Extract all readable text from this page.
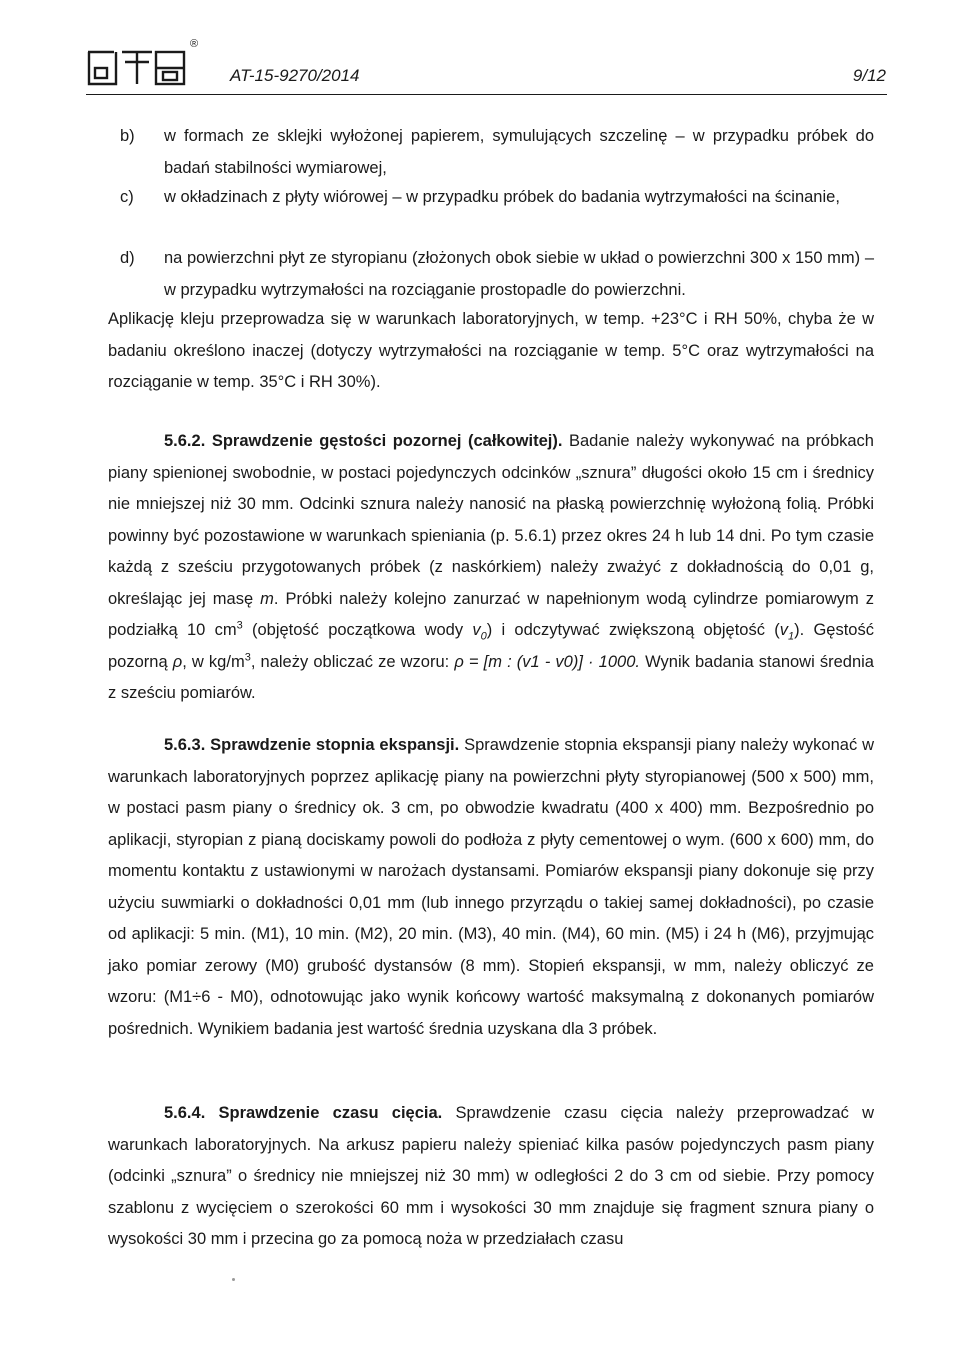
®
AT-15-9270/2014	9/12
b) w formach ze sklejki wyłożonej papierem, symulujących szczelinę – w przypadku próbek do badań stabilności wymiarowej,
c) w okładzinach z płyty wiórowej – w przypadku próbek do badania wytrzymałości na ścinanie,
d) na powierzchni płyt ze styropianu (złożonych obok siebie w układ o powierzchni 300 x 150 mm) – w przypadku wytrzymałości na rozciąganie prostopadle do powierzchni.
Aplikację kleju przeprowadza się w warunkach laboratoryjnych, w temp. +23°C i RH 50%, chyba że w badaniu określono inaczej (dotyczy wytrzymałości na rozciąganie w temp. 5°C oraz wytrzymałości na rozciąganie w temp. 35°C i RH 30%).
5.6.2. Sprawdzenie gęstości pozornej (całkowitej). Badanie należy wykonywać na próbkach piany spienionej swobodnie, w postaci pojedynczych odcinków „sznura” długości około 15 cm i średnicy nie mniejszej niż 30 mm. Odcinki sznura należy nanosić na płaską powierzchnię wyłożoną folią. Próbki powinny być pozostawione w warunkach spieniania (p. 5.6.1) przez okres 24 h lub 14 dni. Po tym czasie każdą z sześciu przygotowanych próbek (z naskórkiem) należy zważyć z dokładnością do 0,01 g, określając jej masę m. Próbki należy kolejno zanurzać w napełnionym wodą cylindrze pomiarowym z podziałką 10 $cm^3$ (objętość początkowa wody $v_0$) i odczytywać zwiększoną objętość $(v_1)$. Gęstość pozorną ρ, w $kg/m^3$, należy obliczać ze wzoru: ρ = [m : (v1 - v0)] · 1000. Wynik badania stanowi średnia z sześciu pomiarów.
5.6.3. Sprawdzenie stopnia ekspansji. Sprawdzenie stopnia ekspansji piany należy wykonać w warunkach laboratoryjnych poprzez aplikację piany na powierzchni płyty styropianowej (500 x 500) mm, w postaci pasm piany o średnicy ok. 3 cm, po obwodzie kwadratu (400 x 400) mm. Bezpośrednio po aplikacji, styropian z pianą dociskamy powoli do podłoża z płyty cementowej o wym. (600 x 600) mm, do momentu kontaktu z ustawionymi w narożach dystansami. Pomiarów ekspansji piany dokonuje się przy użyciu suwmiarki o dokładności 0,01 mm (lub innego przyrządu o takiej samej dokładności), po czasie od aplikacji: 5 min. (M1), 10 min. (M2), 20 min. (M3), 40 min. (M4), 60 min. (M5) i 24 h (M6), przyjmując jako pomiar zerowy (M0) grubość dystansów (8 mm). Stopień ekspansji, w mm, należy obliczyć ze wzoru: (M1÷6 - M0), odnotowując jako wynik końcowy wartość maksymalną z dokonanych pomiarów pośrednich. Wynikiem badania jest wartość średnia uzyskana dla 3 próbek.
5.6.4. Sprawdzenie czasu cięcia. Sprawdzenie czasu cięcia należy przeprowadzać w warunkach laboratoryjnych. Na arkusz papieru należy spieniać kilka pasów pojedynczych pasm piany (odcinki „sznura” o średnicy nie mniejszej niż 30 mm) w odległości 2 do 3 cm od siebie. Przy pomocy szablonu z wycięciem o szerokości 60 mm i wysokości 30 mm znajduje się fragment sznura piany o wysokości 30 mm i przecina go za pomocą noża w przedziałach czasu
